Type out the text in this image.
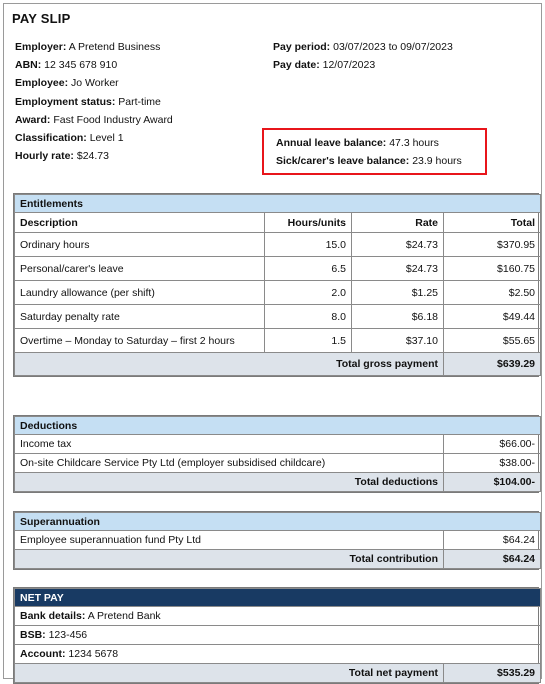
PAY SLIP
Employer: A Pretend Business
ABN: 12 345 678 910
Employee: Jo Worker
Employment status: Part-time
Award: Fast Food Industry Award
Classification: Level 1
Hourly rate: $24.73
Pay period: 03/07/2023 to 09/07/2023
Pay date: 12/07/2023
Annual leave balance: 47.3 hours
Sick/carer's leave balance: 23.9 hours
Entitlements			
Description	Hours/units	Rate	Total
Ordinary hours	15.0	$24.73	$370.95
Personal/carer's leave	6.5	$24.73	$160.75
Laundry allowance (per shift)	2.0	$1.25	$2.50
Saturday penalty rate	8.0	$6.18	$49.44
Overtime – Monday to Saturday – first 2 hours	1.5	$37.10	$55.65
Total gross payment			$639.29
Deductions	
Income tax	$66.00-
On-site Childcare Service Pty Ltd (employer subsidised childcare)	$38.00-
Total deductions	$104.00-
Superannuation	
Employee superannuation fund Pty Ltd	$64.24
Total contribution	$64.24
NET PAY
Bank details: A Pretend Bank
BSB: 123-456
Account: 1234 5678
Total net payment	$535.29
